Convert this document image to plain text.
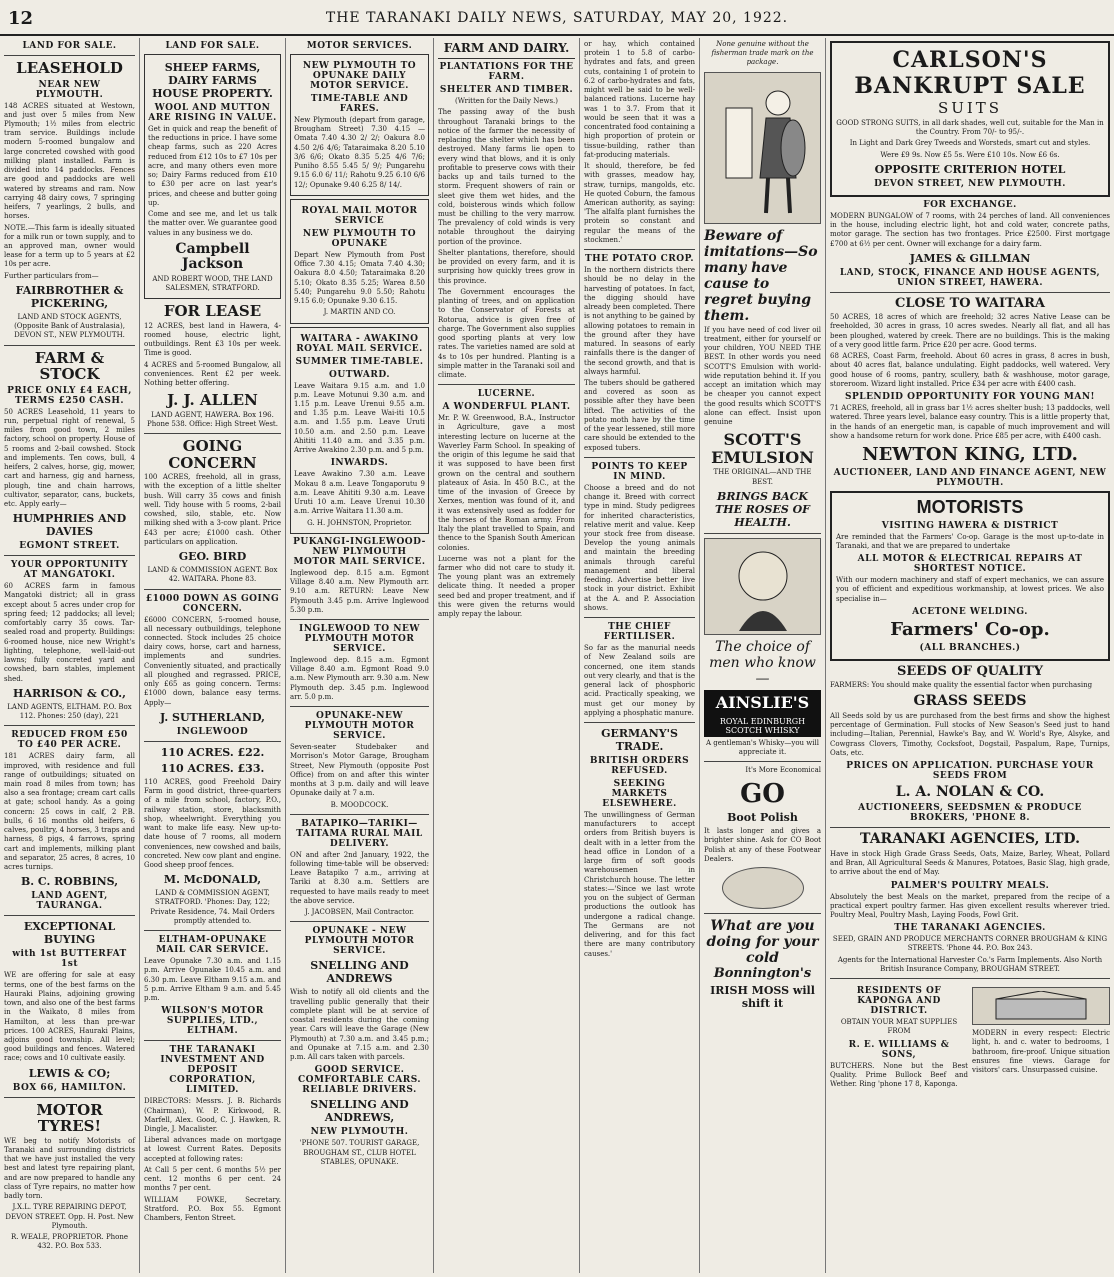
12	THE TARANAKI DAILY NEWS, SATURDAY, MAY 20, 1922.
LAND FOR SALE.
LEASEHOLD
NEAR NEW PLYMOUTH.

148 ACRES situated at Westown, and just over 5 miles from New Plymouth; 1½ miles from electric tram service. Buildings include modern 5-roomed bungalow and large concreted cowshed with good milking plant installed. Farm is divided into 14 paddocks. Fences are good and paddocks are well watered by streams and ram. Now carrying 48 dairy cows, 7 springing heifers, 7 yearlings, 2 bulls, and horses.

NOTE.—This farm is ideally situated for a milk run or town supply, and to an approved man, owner would lease for a term up to 5 years at £2 10s per acre.

Further particulars from—

FAIRBROTHER & PICKERING,
LAND AND STOCK AGENTS, (Opposite Bank of Australasia), DEVON ST., NEW PLYMOUTH.
FARM & STOCK
PRICE ONLY £4 EACH, TERMS £250 CASH.

50 ACRES Leasehold, 11 years to run, perpetual right of renewal, 5 miles from good town, 2 miles factory, school on property. House of 5 rooms and 2-bail cowshed. Stock and implements. Ten cows, bull, 4 heifers, 2 calves, horse, gig, mower, cart and harness, gig and harness, plough, tine and chain harrows, cultivator, separator, cans, buckets, etc. Apply early—

HUMPHRIES AND DAVIES
EGMONT STREET.
YOUR OPPORTUNITY AT MANGATOKI.

60 ACRES farm in famous Mangatoki district; all in grass except about 5 acres under crop for spring feed; 12 paddocks; all level; comfortably carry 35 cows. Tar-sealed road and property. Buildings: 6-roomed house, nice new Wright's lighting, telephone, well-laid-out lawns; fully concreted yard and cowshed, barn stables, implement shed.

HARRISON & CO.,
LAND AGENTS, ELTHAM. P.O. Box 112. Phones: 250 (day), 221
REDUCED FROM £50 TO £40 PER ACRE.

181 ACRES dairy farm, all improved, with residence and full range of outbuildings; situated on main road 8 miles from town; has also a sea frontage; cream cart calls at gate; school handy. As a going concern: 25 cows in calf, 2 P.B. bulls, 6 16 months old heifers, 6 calves, poultry, 4 horses, 3 traps and harness, 8 pigs, 4 farrows, spring cart and implements, milking plant and separator, 25 acres, 8 acres, 10 acres turnips.

B. C. ROBBINS,
LAND AGENT, TAURANGA.
EXCEPTIONAL BUYING
with 1st BUTTERFAT 1st

WE are offering for sale at easy terms, one of the best farms on the Hauraki Plains, adjoining growing town, and also one of the best farms in the Waikato, 8 miles from Hamilton, at less than pre-war prices. 100 ACRES, Hauraki Plains, adjoins good township. All level; good buildings and fences. Watered race; cows and 10 cultivate easily.

LEWIS & CO;
BOX 66, HAMILTON.
MOTOR TYRES!

WE beg to notify Motorists of Taranaki and surrounding districts that we have just installed the very best and latest tyre repairing plant, and are now prepared to handle any class of Tyre repairs, no matter how badly torn.

J.X.L. TYRE REPAIRING DEPOT, DEVON STREET. Opp. H. Post. New Plymouth.
R. WEALE, PROPRIETOR. Phone 432. P.O. Box 533.
LAND FOR SALE.
SHEEP FARMS, DAIRY FARMS HOUSE PROPERTY.
WOOL AND MUTTON ARE RISING IN VALUE.

Get in quick and reap the benefit of the reductions in price. I have some cheap farms, such as 220 Acres reduced from £12 10s to £7 10s per acre, and many others even more so; Dairy Farms reduced from £10 to £30 per acre on last year's prices, and cheese and butter going up.

Come and see me, and let us talk the matter over. We guarantee good values in any business we do.

Campbell Jackson
AND ROBERT WOOD, THE LAND SALESMEN, STRATFORD.
FOR LEASE

12 ACRES, best land in Hawera, 4-roomed house, electric light, outbuildings. Rent £3 10s per week. Time is good.

4 ACRES and 5-roomed Bungalow, all conveniences. Rent £2 per week. Nothing better offering.

J. J. ALLEN
LAND AGENT, HAWERA. Box 196. Phone 538. Office: High Street West.
GOING CONCERN

100 ACRES, freehold, all in grass, with the exception of a little shelter bush. Will carry 35 cows and finish well. Tidy house with 5 rooms, 2-bail cowshed, silo, stable, etc. Now milking shed with a 3-cow plant. Price £43 per acre; £1000 cash. Other particulars on application.

GEO. BIRD
LAND & COMMISSION AGENT. Box 42. WAITARA. Phone 83.
£1000 DOWN AS GOING CONCERN.

£6000 CONCERN, 5-roomed house, all necessary outbuildings, telephone connected. Stock includes 25 choice dairy cows, horse, cart and harness, implements and sundries. Conveniently situated, and practically all ploughed and regrassed. PRICE, only £65 as going concern. Terms: £1000 down, balance easy terms. Apply—

J. SUTHERLAND,
INGLEWOOD
110 ACRES. £22.
110 ACRES. £33.

110 ACRES, good Freehold Dairy Farm in good district, three-quarters of a mile from school, factory, P.O., railway station, store, blacksmith shop, wheelwright. Everything you want to make life easy. New up-to-date house of 7 rooms, all modern conveniences, new cowshed and bails, concreted. New cow plant and engine. Good sheep proof fences.

M. McDONALD,
LAND & COMMISSION AGENT, STRATFORD. 'Phones: Day, 122; Private Residence, 74. Mail Orders promptly attended to.
ELTHAM-OPUNAKE MAIL CAR SERVICE.

Leave Opunake 7.30 a.m. and 1.15 p.m. Arrive Opunake 10.45 a.m. and 6.30 p.m. Leave Eltham 9.15 a.m. and 5 p.m. Arrive Eltham 9 a.m. and 5.45 p.m.

WILSON'S MOTOR SUPPLIES, LTD., ELTHAM.
THE TARANAKI INVESTMENT AND DEPOSIT CORPORATION, LIMITED.

DIRECTORS: Messrs. J. B. Richards (Chairman), W. P. Kirkwood, R. Marfell, Alex. Good, C. J. Hawken, R. Dingle, J. Macalister.

Liberal advances made on mortgage at lowest Current Rates. Deposits accepted at following rates:

At Call 5 per cent. 6 months 5½ per cent. 12 months 6 per cent. 24 months 7 per cent.

WILLIAM FOWKE, Secretary. Stratford. P.O. Box 55. Egmont Chambers, Fenton Street.

MOTOR SERVICES.
NEW PLYMOUTH TO OPUNAKE DAILY MOTOR SERVICE.
TIME-TABLE AND FARES.

New Plymouth (depart from garage, Brougham Street) 7.30 4.15 — Omata 7.40 4.30 2/ 2/; Oakura 8.0 4.50 2/6 4/6; Tataraimaka 8.20 5.10 3/6 6/6; Okato 8.35 5.25 4/6 7/6; Puniho 8.55 5.45 5/ 9/; Pungarehu 9.15 6.0 6/ 11/; Rahotu 9.25 6.10 6/6 12/; Opunake 9.40 6.25 8/ 14/.

ROYAL MAIL MOTOR SERVICE
NEW PLYMOUTH TO OPUNAKE

Depart New Plymouth from Post Office 7.30 4.15; Omata 7.40 4.30; Oakura 8.0 4.50; Tataraimaka 8.20 5.10; Okato 8.35 5.25; Warea 8.50 5.40; Pungarehu 9.0 5.50; Rahotu 9.15 6.0; Opunake 9.30 6.15.

J. MARTIN AND CO.
WAITARA - AWAKINO ROYAL MAIL SERVICE.
SUMMER TIME-TABLE.
OUTWARD.

Leave Waitara 9.15 a.m. and 1.0 p.m. Leave Motunui 9.30 a.m. and 1.15 p.m. Leave Urenui 9.55 a.m. and 1.35 p.m. Leave Wai-iti 10.5 a.m. and 1.55 p.m. Leave Uruti 10.50 a.m. and 2.50 p.m. Leave Ahititi 11.40 a.m. and 3.35 p.m. Arrive Awakino 2.30 p.m. and 5 p.m.

INWARDS.

Leave Awakino 7.30 a.m. Leave Mokau 8 a.m. Leave Tongaporutu 9 a.m. Leave Ahititi 9.30 a.m. Leave Uruti 10 a.m. Leave Urenui 10.30 a.m. Arrive Waitara 11.30 a.m.

G. H. JOHNSTON, Proprietor.
PUKANGI-INGLEWOOD-NEW PLYMOUTH MOTOR MAIL SERVICE.

Inglewood dep. 8.15 a.m. Egmont Village 8.40 a.m. New Plymouth arr. 9.10 a.m. RETURN: Leave New Plymouth 3.45 p.m. Arrive Inglewood 5.30 p.m.

INGLEWOOD TO NEW PLYMOUTH MOTOR SERVICE.

Inglewood dep. 8.15 a.m. Egmont Village 8.40 a.m. Egmont Road 9.0 a.m. New Plymouth arr. 9.30 a.m. New Plymouth dep. 3.45 p.m. Inglewood arr. 5.0 p.m.

OPUNAKE-NEW PLYMOUTH MOTOR SERVICE.

Seven-seater Studebaker and Morrison's Motor Garage, Brougham Street, New Plymouth (opposite Post Office) from on and after this winter months at 3 p.m. daily and will leave Opunake daily at 7 a.m.

B. MOODCOCK.
BATAPIKO—TARIKI—TAITAMA RURAL MAIL DELIVERY.

ON and after 2nd January, 1922, the following time-table will be observed: Leave Batapiko 7 a.m., arriving at Tariki at 8.30 a.m. Settlers are requested to have mails ready to meet the above service.

J. JACOBSEN, Mail Contractor.
OPUNAKE - NEW PLYMOUTH MOTOR SERVICE.
SNELLING AND ANDREWS

Wish to notify all old clients and the travelling public generally that their complete plant will be at service of coastal residents during the coming year. Cars will leave the Garage (New Plymouth) at 7.30 a.m. and 3.45 p.m.; and Opunake at 7.15 a.m. and 2.30 p.m. All cars taken with parcels.

GOOD SERVICE. COMFORTABLE CARS. RELIABLE DRIVERS.
SNELLING AND ANDREWS,
NEW PLYMOUTH.
'PHONE 507. TOURIST GARAGE, BROUGHAM ST., CLUB HOTEL STABLES, OPUNAKE.
FARM AND DAIRY.
PLANTATIONS FOR THE FARM.
SHELTER AND TIMBER.
(Written for the Daily News.)

The passing away of the bush throughout Taranaki brings to the notice of the farmer the necessity of replacing the shelter which has been destroyed. Many farms lie open to every wind that blows, and it is only profitable to preserve cows with their backs up and tails turned to the storm. Frequent showers of rain or sleet give them wet hides, and the cold, boisterous winds which follow must be chilling to the very marrow. The prevalency of cold winds is very notable throughout the dairying portion of the province.

Shelter plantations, therefore, should be provided on every farm, and it is surprising how quickly trees grow in this province.

The Government encourages the planting of trees, and on application to the Conservator of Forests at Rotorua, advice is given free of charge. The Government also supplies good sporting plants at very low rates. The varieties named are sold at 4s to 10s per hundred. Planting is a simple matter in the Taranaki soil and climate.

LUCERNE.
A WONDERFUL PLANT.

Mr. P. W. Greenwood, B.A., Instructor in Agriculture, gave a most interesting lecture on lucerne at the Waverley Farm School. In speaking of the origin of this legume he said that it was supposed to have been first grown on the central and southern plateaux of Asia. In 450 B.C., at the time of the invasion of Greece by Xerxes, mention was found of it, and it was extensively used as fodder for the horses of the Roman army. From Italy the plant travelled to Spain, and thence to the Spanish South American colonies.

Lucerne was not a plant for the farmer who did not care to study it. The young plant was an extremely delicate thing. It needed a proper seed bed and proper treatment, and if this were given the returns would amply repay the labour.

or hay, which contained protein 1 to 5.8 of carbo-hydrates and fats, and green cuts, containing 1 of protein to 6.2 of carbo-hydrates and fats, might well be said to be well-balanced rations. Lucerne hay was 1 to 3.7. From that it would be seen that it was a concentrated food containing a high proportion of protein or tissue-building, rather than fat-producing materials.

It should, therefore, be fed with grasses, meadow hay, straw, turnips, mangolds, etc. He quoted Coburn, the famous American authority, as saying: 'The alfalfa plant furnishes the protein so constant and regular the means of the stockmen.'

THE POTATO CROP.

In the northern districts there should be no delay in the harvesting of potatoes. In fact, the digging should have already been completed. There is not anything to be gained by allowing potatoes to remain in the ground after they have matured. In seasons of early rainfalls there is the danger of the second growth, and that is always harmful.

The tubers should be gathered and covered as soon as possible after they have been lifted. The activities of the potato moth have by the time of the year lessened, still more care should be extended to the exposed tubers.

POINTS TO KEEP IN MIND.

Choose a breed and do not change it. Breed with correct type in mind. Study pedigrees for inherited characteristics, relative merit and value. Keep your stock free from disease. Develop the young animals and maintain the breeding animals through careful management and liberal feeding. Advertise better live stock in your district. Exhibit at the A. and P. Association shows.

THE CHIEF FERTILISER.

So far as the manurial needs of New Zealand soils are concerned, one item stands out very clearly, and that is the general lack of phosphoric acid. Practically speaking, we must get our money by applying a phosphatic manure.

GERMANY'S TRADE.
BRITISH ORDERS REFUSED.
SEEKING MARKETS ELSEWHERE.

The unwillingness of German manufacturers to accept orders from British buyers is dealt with in a letter from the head office in London of a large firm of soft goods warehousemen in Christchurch house. The letter states:—'Since we last wrote you on the subject of German productions the outlook has undergone a radical change. The Germans are not delivering, and for this fact there are many contributory causes.'

None genuine without the fisherman trade mark on the package.
Beware of imitations—So many have cause to regret buying them.

If you have need of cod liver oil treatment, either for yourself or your children, YOU NEED THE BEST. In other words you need SCOTT'S Emulsion with world-wide reputation behind it. If you accept an imitation which may be cheaper you cannot expect the good results which SCOTT'S alone can effect. Insist upon genuine

SCOTT'S EMULSION
THE ORIGINAL—AND THE BEST.
BRINGS BACK THE ROSES OF HEALTH.
The choice of men who know—
AINSLIE'S
ROYAL EDINBURGH SCOTCH WHISKY
A gentleman's Whisky—you will appreciate it.
It's More Economical
GO
Boot Polish

It lasts longer and gives a brighter shine. Ask for CO Boot Polish at any of these Footwear Dealers.

What are you doing for your cold
Bonnington's
IRISH MOSS will shift it
CARLSON'S BANKRUPT SALE
SUITS

GOOD STRONG SUITS, in all dark shades, well cut, suitable for the Man in the Country. From 70/- to 95/-.

In Light and Dark Grey Tweeds and Worsteds, smart cut and styles.

Were £9 9s. Now £5 5s. Were £10 10s. Now £6 6s.

OPPOSITE CRITERION HOTEL
DEVON STREET, NEW PLYMOUTH.
FOR EXCHANGE.

MODERN BUNGALOW of 7 rooms, with 24 perches of land. All conveniences in the house, including electric light, hot and cold water, concrete paths, motor garage. The section has two frontages. Price £2500. First mortgage £700 at 6½ per cent. Owner will exchange for a dairy farm.

JAMES & GILLMAN
LAND, STOCK, FINANCE AND HOUSE AGENTS, UNION STREET, HAWERA.
CLOSE TO WAITARA

50 ACRES, 18 acres of which are freehold; 32 acres Native Lease can be freeholded, 30 acres in grass, 10 acres swedes. Nearly all flat, and all has been ploughed, watered by creek. There are no buildings. This is the making of a very good little farm. Price £20 per acre. Good terms.

68 ACRES, Coast Farm, freehold. About 60 acres in grass, 8 acres in bush, about 40 acres flat, balance undulating. Eight paddocks, well watered. Very good house of 6 rooms, pantry, scullery, bath & washhouse, motor garage, storeroom. Wizard light installed. Price £34 per acre with £400 cash.

SPLENDID OPPORTUNITY FOR YOUNG MAN!

71 ACRES, freehold, all in grass bar 1½ acres shelter bush; 13 paddocks, well watered. Three years level, balance easy country. This is a little property that, in the hands of an energetic man, is capable of much improvement and will show a handsome return for work done. Price £85 per acre, with £400 cash.

NEWTON KING, LTD.
AUCTIONEER, LAND AND FINANCE AGENT, NEW PLYMOUTH.
MOTORISTS
VISITING HAWERA & DISTRICT

Are reminded that the Farmers' Co-op. Garage is the most up-to-date in Taranaki, and that we are prepared to undertake

ALL MOTOR & ELECTRICAL REPAIRS AT SHORTEST NOTICE.

With our modern machinery and staff of expert mechanics, we can assure you of efficient and expeditious workmanship, at lowest prices. We also specialise in—

ACETONE WELDING.
Farmers' Co-op.
(ALL BRANCHES.)
SEEDS OF QUALITY

FARMERS: You should make quality the essential factor when purchasing

GRASS SEEDS

All Seeds sold by us are purchased from the best firms and show the highest percentage of Germination. Full stocks of New Season's Seed just to hand including—Italian, Perennial, Hawke's Bay, and W. World's Rye, Alsyke, and Cowgrass Clovers, Timothy, Cocksfoot, Dogstail, Paspalum, Rape, Turnips, Oats, etc.

PRICES ON APPLICATION. PURCHASE YOUR SEEDS FROM
L. A. NOLAN & CO.
AUCTIONEERS, SEEDSMEN & PRODUCE BROKERS, 'PHONE 8.
TARANAKI AGENCIES, LTD.

Have in stock High Grade Grass Seeds, Oats, Maize, Barley, Wheat, Pollard and Bran, All Agricultural Seeds & Manures, Potatoes, Basic Slag, high grade, to arrive about the end of May.

PALMER'S POULTRY MEALS.

Absolutely the best Meals on the market, prepared from the recipe of a practical expert poultry farmer. Has given excellent results wherever tried. Poultry Meal, Poultry Mash, Laying Foods, Fowl Grit.

THE TARANAKI AGENCIES.

SEED, GRAIN AND PRODUCE MERCHANTS CORNER BROUGHAM & KING STREETS. 'Phone 44. P.O. Box 243.

Agents for the International Harvester Co.'s Farm Implements. Also North British Insurance Company, BROUGHAM STREET.

RESIDENTS OF KAPONGA AND DISTRICT.
OBTAIN YOUR MEAT SUPPLIES FROM
R. E. WILLIAMS & SONS,

BUTCHERS. None but the Best Quality. Prime Bullock Beef and Wether. Ring 'phone 17 8, Kaponga.

MODERN in every respect: Electric light, h. and c. water to bedrooms, 1 bathroom, fire-proof. Unique situation ensures fine views. Garage for visitors' cars. Unsurpassed cuisine.
